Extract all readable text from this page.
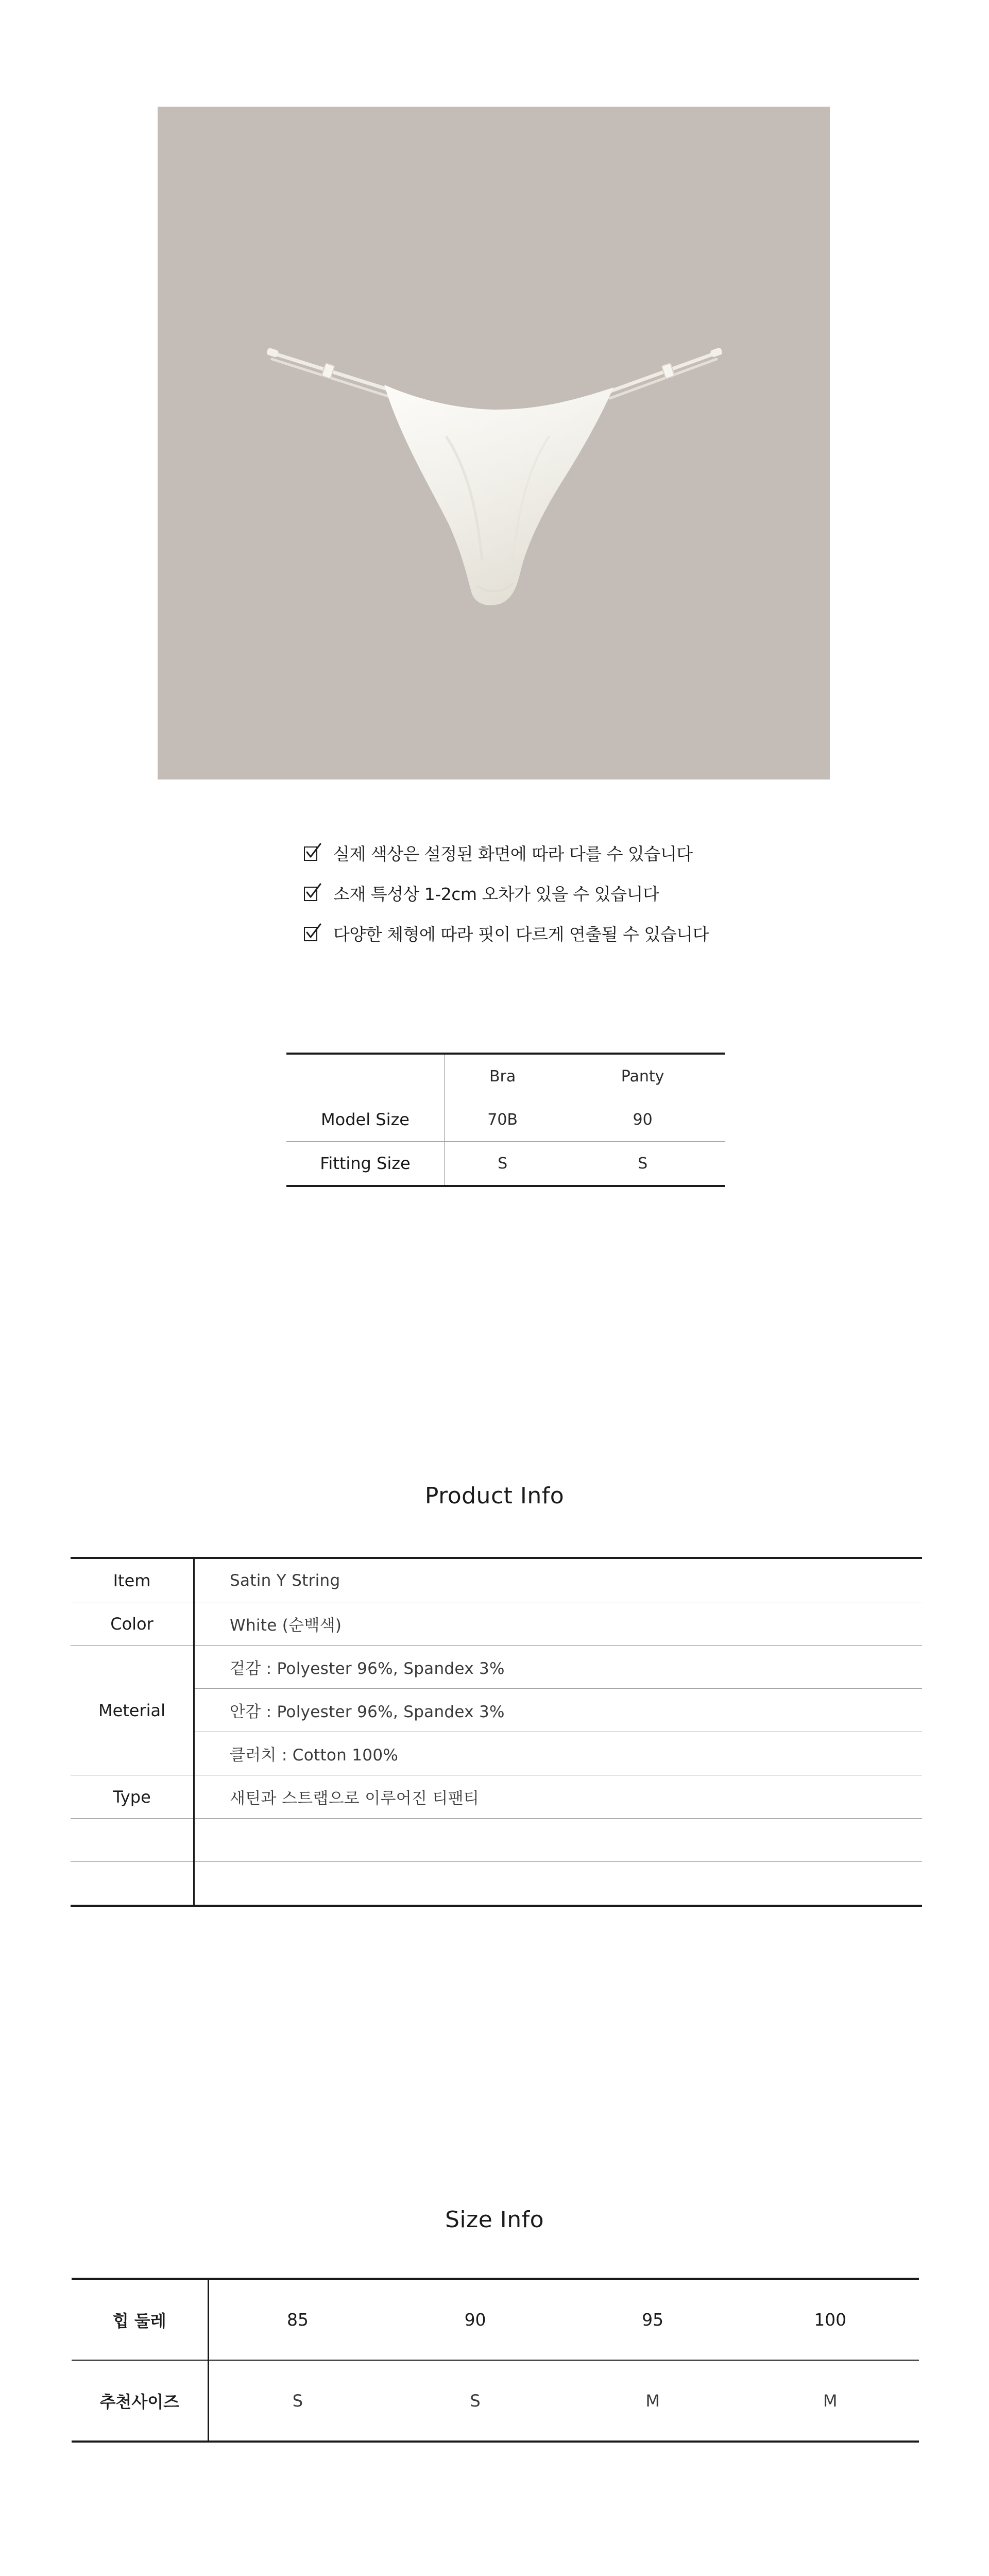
실제 색상은 설정된 화면에 따라 다를 수 있습니다
소재 특성상 1-2cm 오차가 있을 수 있습니다
다양한 체형에 따라 핏이 다르게 연출될 수 있습니다
	Bra	Panty
Model Size	70B	90
Fitting Size	S	S
Product Info
Item	Satin Y String
Color	White (순백색)
Meterial	겉감 : Polyester 96%, Spandex 3%
	안감 : Polyester 96%, Spandex 3%
	클러치 : Cotton 100%
Type	새틴과 스트랩으로 이루어진 티팬티

Size Info
힙 둘레	85	90	95	100
추천사이즈	S	S	M	M
